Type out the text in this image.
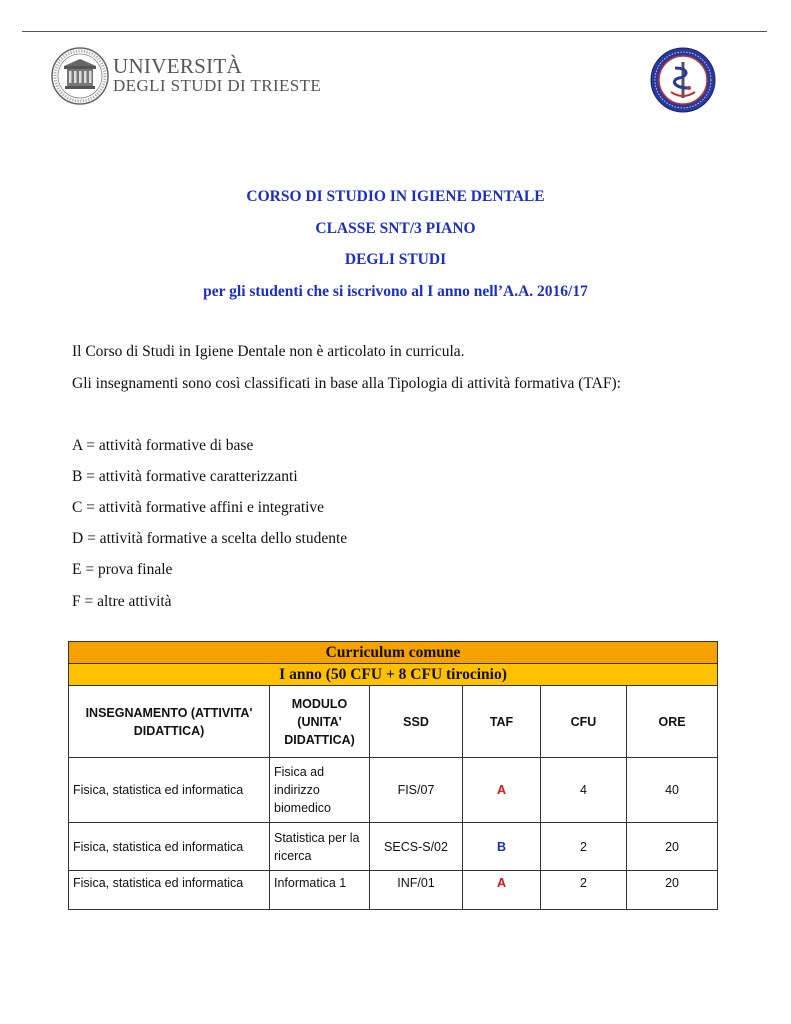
UNIVERSITÀ
DEGLI STUDI DI TRIESTE
CORSO DI STUDIO IN IGIENE DENTALE
CLASSE SNT/3 PIANO
DEGLI STUDI
per gli studenti che si iscrivono al I anno nell’A.A. 2016/17
Il Corso di Studi in Igiene Dentale non è articolato in curricula.
Gli insegnamenti sono così classificati in base alla Tipologia di attività formativa (TAF):
A = attività formative di base
B = attività formative caratterizzanti
C = attività formative affini e integrative
D = attività formative a scelta dello studente
E = prova finale
F = altre attività
Curriculum comune					
I anno (50 CFU + 8 CFU tirocinio)					
INSEGNAMENTO (ATTIVITA' DIDATTICA)	MODULO (UNITA' DIDATTICA)	SSD	TAF	CFU	ORE
Fisica, statistica ed informatica	Fisica ad indirizzo biomedico	FIS/07	A	4	40
Fisica, statistica ed informatica	Statistica per la ricerca	SECS-S/02	B	2	20
Fisica, statistica ed informatica	Informatica 1	INF/01	A	2	20
